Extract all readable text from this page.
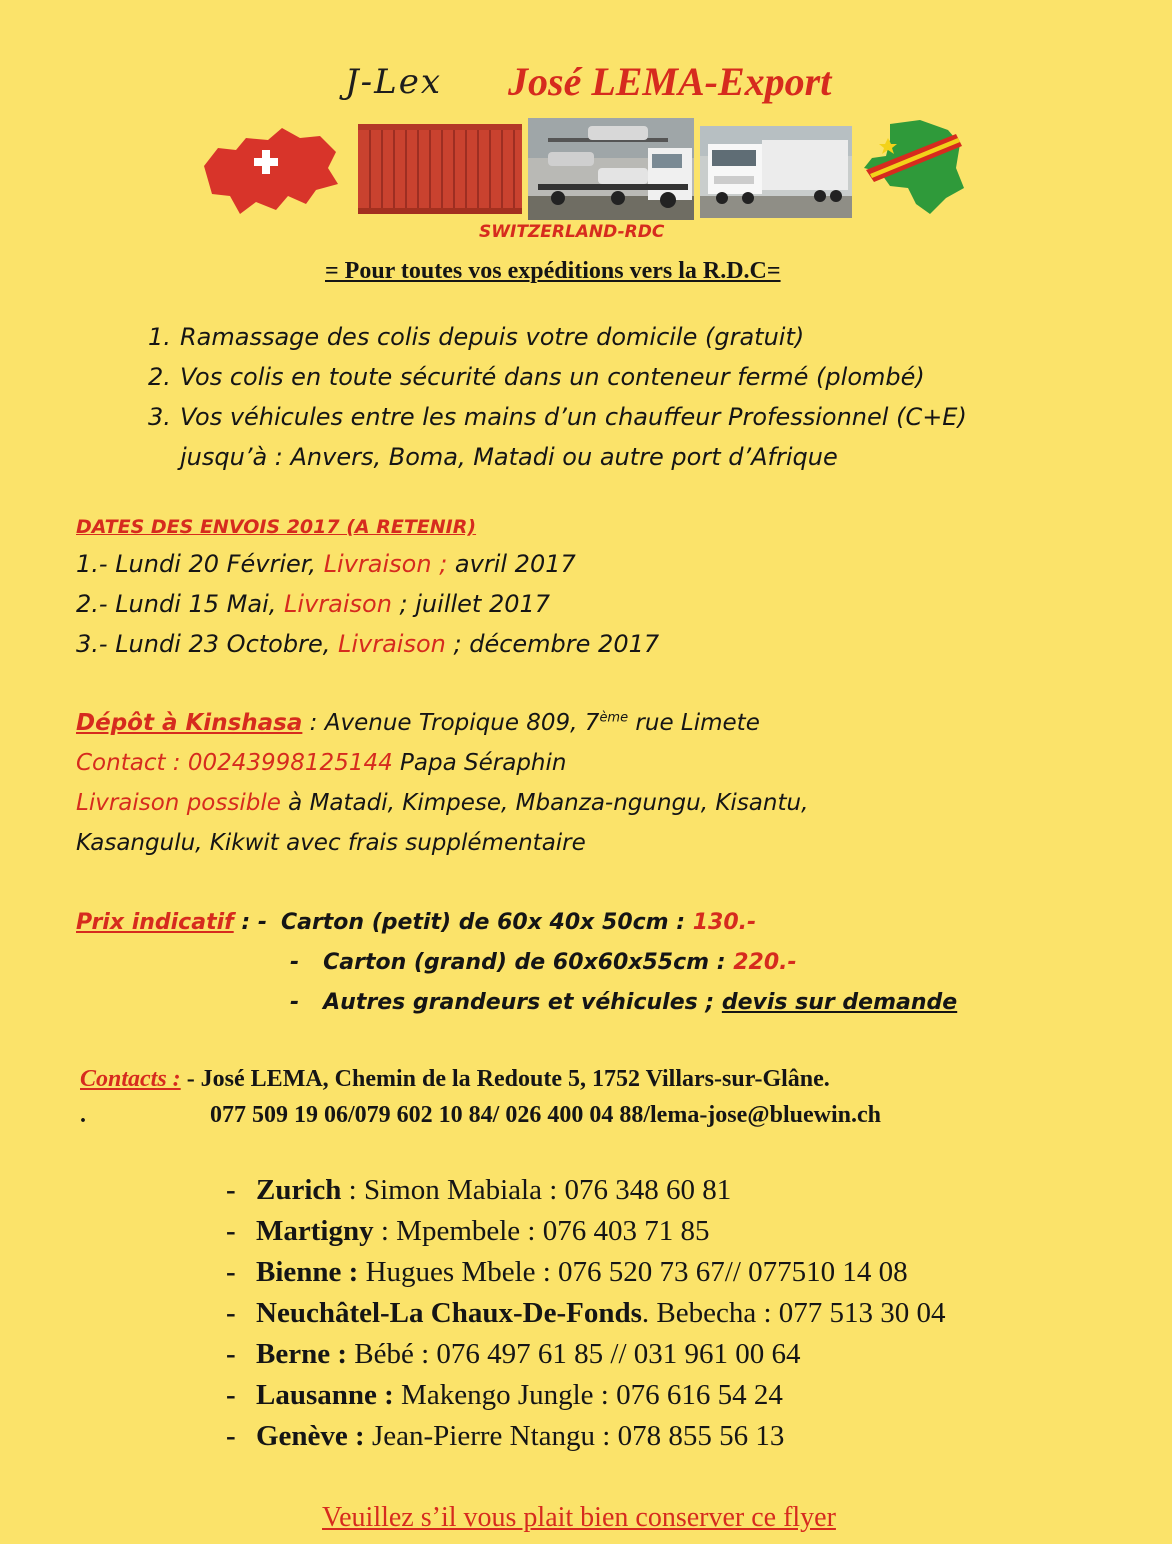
J-Lex José LEMA-Export
SWITZERLAND-RDC
= Pour toutes vos expéditions vers la R.D.C=
1. Ramassage des colis depuis votre domicile (gratuit)
2. Vos colis en toute sécurité dans un conteneur fermé (plombé)
3. Vos véhicules entre les mains d’un chauffeur Professionnel (C+E)
jusqu’à : Anvers, Boma, Matadi ou autre port d’Afrique
DATES DES ENVOIS 2017 (A RETENIR)
1.- Lundi 20 Février, Livraison ; avril 2017
2.- Lundi 15 Mai, Livraison ; juillet 2017
3.- Lundi 23 Octobre, Livraison ; décembre 2017
Dépôt à Kinshasa : Avenue Tropique 809, 7ème rue Limete
Contact : 00243998125144 Papa Séraphin
Livraison possible à Matadi, Kimpese, Mbanza-ngungu, Kisantu,
Kasangulu, Kikwit avec frais supplémentaire
Prix indicatif : - Carton (petit) de 60x 40x 50cm : 130.-
- Carton (grand) de 60x60x55cm : 220.-
- Autres grandeurs et véhicules ; devis sur demande
Contacts : - José LEMA, Chemin de la Redoute 5, 1752 Villars-sur-Glâne.
.	077 509 19 06/079 602 10 84/ 026 400 04 88/lema-jose@bluewin.ch
- Zurich : Simon Mabiala : 076 348 60 81
- Martigny : Mpembele : 076 403 71 85
- Bienne : Hugues Mbele : 076 520 73 67// 077510 14 08
- Neuchâtel-La Chaux-De-Fonds. Bebecha : 077 513 30 04
- Berne : Bébé : 076 497 61 85 // 031 961 00 64
- Lausanne : Makengo Jungle : 076 616 54 24
- Genève : Jean-Pierre Ntangu : 078 855 56 13
Veuillez s’il vous plait bien conserver ce flyer
